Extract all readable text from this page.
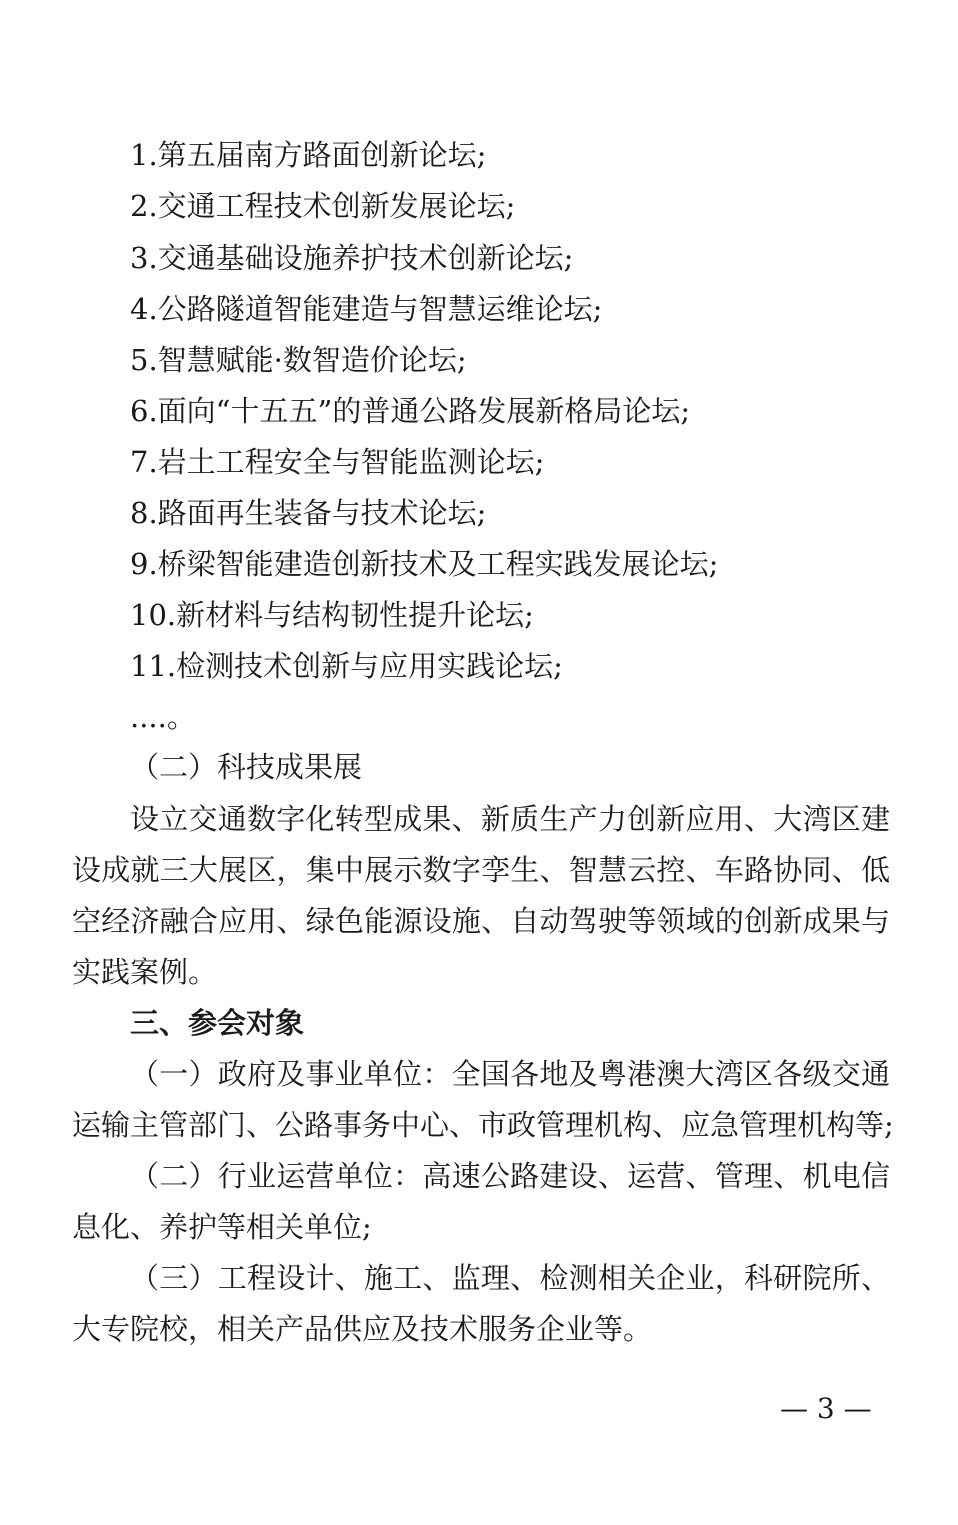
1.第五届南方路面创新论坛;
2.交通工程技术创新发展论坛;
3.交通基础设施养护技术创新论坛;
4.公路隧道智能建造与智慧运维论坛;
5.智慧赋能·数智造价论坛;
6.面向“十五五”的普通公路发展新格局论坛;
7.岩土工程安全与智能监测论坛;
8.路面再生装备与技术论坛;
9.桥梁智能建造创新技术及工程实践发展论坛;
10.新材料与结构韧性提升论坛;
11.检测技术创新与应用实践论坛;
....。
（二）科技成果展
设立交通数字化转型成果、新质生产力创新应用、大湾区建
设成就三大展区，集中展示数字孪生、智慧云控、车路协同、低
空经济融合应用、绿色能源设施、自动驾驶等领域的创新成果与
实践案例。
三、参会对象
（一）政府及事业单位：全国各地及粤港澳大湾区各级交通
运输主管部门、公路事务中心、市政管理机构、应急管理机构等;
（二）行业运营单位：高速公路建设、运营、管理、机电信
息化、养护等相关单位;
（三）工程设计、施工、监理、检测相关企业，科研院所、
大专院校，相关产品供应及技术服务企业等。
— 3 —
